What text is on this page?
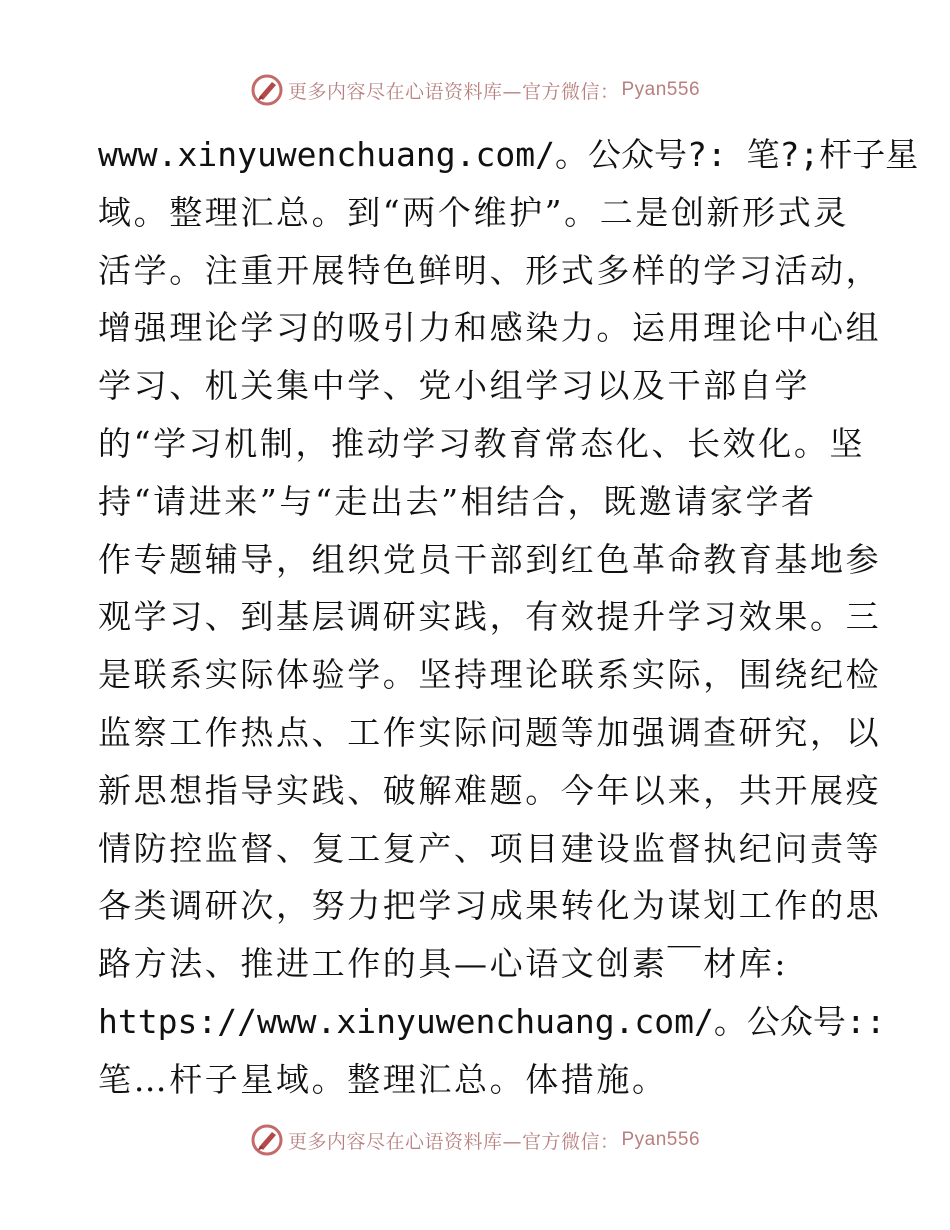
更多内容尽在心语资料库—官方微信： Pyan556
www.xinyuwenchuang.com/。公众号?: 笔?;杆子星
域。整理汇总。到“两个维护”。二是创新形式灵
活学。注重开展特色鲜明、形式多样的学习活动，
增强理论学习的吸引力和感染力。运用理论中心组
学习、机关集中学、党小组学习以及干部自学
的“学习机制，推动学习教育常态化、长效化。坚
持“请进来”与“走出去”相结合，既邀请家学者
作专题辅导，组织党员干部到红色革命教育基地参
观学习、到基层调研实践，有效提升学习效果。三
是联系实际体验学。坚持理论联系实际，围绕纪检
监察工作热点、工作实际问题等加强调查研究，以
新思想指导实践、破解难题。今年以来，共开展疫
情防控监督、复工复产、项目建设监督执纪问责等
各类调研次，努力把学习成果转化为谋划工作的思
路方法、推进工作的具—心语文创素￣材库:
https://www.xinyuwenchuang.com/。公众号::
笔…杆子星域。整理汇总。体措施。
更多内容尽在心语资料库—官方微信： Pyan556
